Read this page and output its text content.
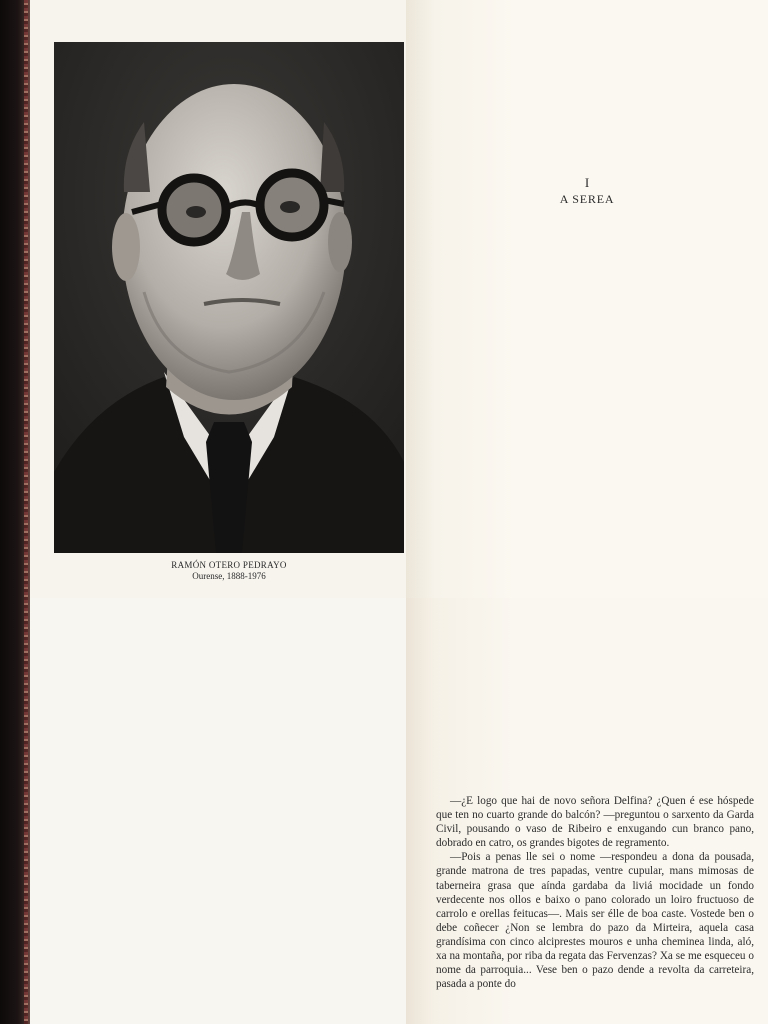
RAMÓN OTERO PEDRAYO
Ourense, 1888-1976
I
A SEREA

—¿E logo que hai de novo señora Delfina? ¿Quen é ese hóspede que ten no cuarto grande do balcón? —preguntou o sarxento da Garda Civil, pousando o vaso de Ribeiro e enxugando cun branco pano, dobrado en catro, os grandes bigotes de regramento.

—Pois a penas lle sei o nome —respondeu a dona da pousada, grande matrona de tres papadas, ventre cupular, mans mimosas de taberneira grasa que aínda gardaba da liviá mocidade un fondo verdecente nos ollos e baixo o pano colorado un loiro fructuoso de carrolo e orellas feitucas—. Mais ser élle de boa caste. Vostede ben o debe coñecer ¿Non se lembra do pazo da Mirteira, aquela casa grandísima con cinco alciprestes mouros e unha cheminea linda, aló, xa na montaña, por riba da regata das Fervenzas? Xa se me esqueceu o nome da parroquia... Vese ben o pazo dende a revolta da carreteira, pasada a ponte do
